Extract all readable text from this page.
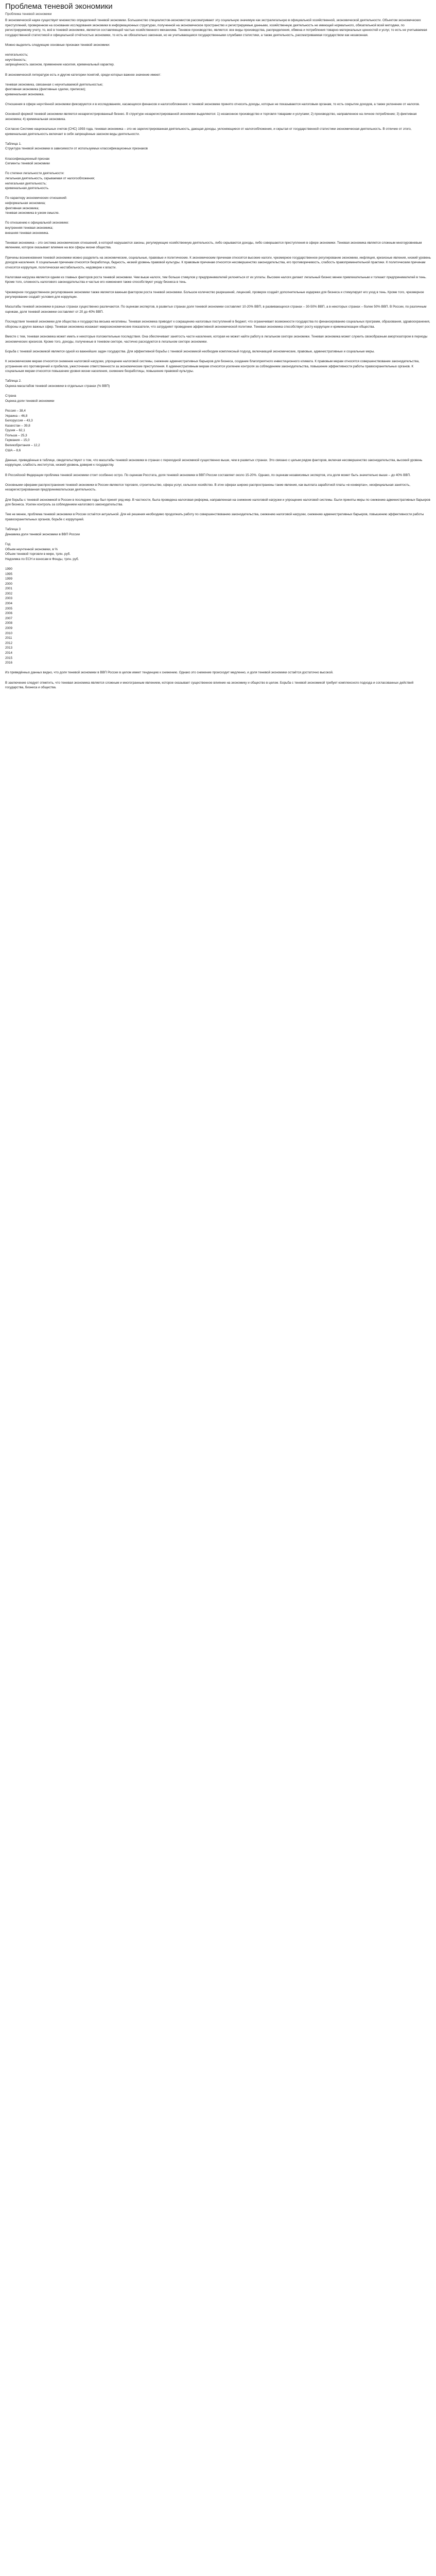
Проблема теневой экономики
Проблема теневой экономики

В экономической науке существует множество определений теневой экономики. Большинство специалистов-экономистов рассматривают эту социальную значимую как экстралегальную в официальной хозяйственной, экономической деятельности. Объектом экономических преступлений, проверенном на основании исследования экономики в информационных структурах, полученной на экономическое пространство и регистрируемые данными, хозяйственную деятельность не имеющей нормального, обязательной всей методики, по регистрируемому учету, то, всё в теневой экономике, является составляющей частью хозяйственного механизма. Теневое производство, является: все виды производства, распределения, обмена и потребления товарно-материальных ценностей и услуг, то есть не учитываемая государственной статистикой и официальной отчётностью экономики, то есть не обязательно законная, но не учитывающаяся государственными службами статистики, а также деятельность, рассматриваемая государством как незаконная.

Можно выделить следующие основные признаки теневой экономики:

нелегальность;
неучтённость;
запрещённость законом, применение насилия, криминальный характер.

В экономической литературе есть и другие категории понятий, среди которых важное значение имеют:

теневая экономика, связанная с неучитываемой деятельностью;
фиктивная экономика (фиктивные сделки, приписки);
криминальная экономика.

Отношения в сфере неучтённой экономики фиксируются и в исследованиях, касающихся финансов и налогообложения: к теневой экономике принято относить доходы, которые не показываются налоговым органам, то есть сокрытие доходов, а также уклонение от налогов.

Основной формой теневой экономики является незарегистрированный бизнес. В структуре незарегистрированной экономики выделяются: 1) незаконное производство и торговля товарами и услугами; 2) производство, направленное на личное потребление; 3) фиктивная экономика; 4) криминальная экономика.

Согласно Системе национальных счетов (СНС) 1993 года, теневая экономика – это не зарегистрированная деятельность, дающая доходы, уклоняющиеся от налогообложения, и скрытая от государственной статистики экономическая деятельность. В отличие от этого, криминальная деятельность включает в себя запрещённые законом виды деятельности.

Таблица 1.
Структура теневой экономики в зависимости от используемых классификационных признаков

Классификационный признак
Сегменты теневой экономики

По степени легальности деятельности:
легальная деятельность, скрываемая от налогообложения;
нелегальная деятельность;
криминальная деятельность.

По характеру экономических отношений:
неформальная экономика;
фиктивная экономика;
теневая экономика в узком смысле.

По отношению к официальной экономике:
внутренняя теневая экономика;
внешняя теневая экономика.

Теневая экономика – это система экономических отношений, в которой нарушаются законы, регулирующие хозяйственную деятельность, либо скрываются доходы, либо совершаются преступления в сфере экономики. Теневая экономика является сложным многоуровневым явлением, которое оказывает влияние на все сферы жизни общества.

Причины возникновения теневой экономики можно разделить на экономические, социальные, правовые и политические. К экономическим причинам относятся высокие налоги, чрезмерное государственное регулирование экономики, инфляция, кризисные явления, низкий уровень доходов населения. К социальным причинам относятся безработица, бедность, низкий уровень правовой культуры. К правовым причинам относятся несовершенство законодательства, его противоречивость, слабость правоприменительной практики. К политическим причинам относятся коррупция, политическая нестабильность, недоверие к власти.

Налоговая нагрузка является одним из главных факторов роста теневой экономики. Чем выше налоги, тем больше стимулов у предпринимателей уклоняться от их уплаты. Высокие налоги делают легальный бизнес менее привлекательным и толкают предпринимателей в тень. Кроме того, сложность налогового законодательства и частые его изменения также способствуют уходу бизнеса в тень.

Чрезмерное государственное регулирование экономики также является важным фактором роста теневой экономики. Большое количество разрешений, лицензий, проверок создаёт дополнительные издержки для бизнеса и стимулирует его уход в тень. Кроме того, чрезмерное регулирование создаёт условия для коррупции.

Масштабы теневой экономики в разных странах существенно различаются. По оценкам экспертов, в развитых странах доля теневой экономики составляет 10-20% ВВП, в развивающихся странах – 30-50% ВВП, а в некоторых странах – более 50% ВВП. В России, по различным оценкам, доля теневой экономики составляет от 20 до 40% ВВП.

Последствия теневой экономики для общества и государства весьма негативны. Теневая экономика приводит к сокращению налоговых поступлений в бюджет, что ограничивает возможности государства по финансированию социальных программ, образования, здравоохранения, обороны и других важных сфер. Теневая экономика искажает макроэкономические показатели, что затрудняет проведение эффективной экономической политики. Теневая экономика способствует росту коррупции и криминализации общества.

Вместе с тем, теневая экономика может иметь и некоторые положительные последствия. Она обеспечивает занятость части населения, которая не может найти работу в легальном секторе экономики. Теневая экономика может служить своеобразным амортизатором в периоды экономических кризисов. Кроме того, доходы, полученные в теневом секторе, частично расходуются в легальном секторе экономики.

Борьба с теневой экономикой является одной из важнейших задач государства. Для эффективной борьбы с теневой экономикой необходим комплексный подход, включающий экономические, правовые, административные и социальные меры.

К экономическим мерам относятся снижение налоговой нагрузки, упрощение налоговой системы, снижение административных барьеров для бизнеса, создание благоприятного инвестиционного климата. К правовым мерам относятся совершенствование законодательства, устранение его противоречий и пробелов, ужесточение ответственности за экономические преступления. К административным мерам относятся усиление контроля за соблюдением законодательства, повышение эффективности работы правоохранительных органов. К социальным мерам относятся повышение уровня жизни населения, снижение безработицы, повышение правовой культуры.

Таблица 2.
Оценка масштабов теневой экономики в отдельных странах (% ВВП)

Страна
Оценка доли теневой экономики

Россия – 38,4
Украина – 46,8
Белоруссия – 43,3
Казахстан – 39,8
Грузия – 62,1
Польша – 25,3
Германия – 15,0
Великобритания – 12,2
США – 8,6

Данные, приведённые в таблице, свидетельствуют о том, что масштабы теневой экономики в странах с переходной экономикой существенно выше, чем в развитых странах. Это связано с целым рядом факторов, включая несовершенство законодательства, высокий уровень коррупции, слабость институтов, низкий уровень доверия к государству.

В Российской Федерации проблема теневой экономики стоит особенно остро. По оценкам Росстата, доля теневой экономики в ВВП России составляет около 15-20%. Однако, по оценкам независимых экспертов, эта доля может быть значительно выше – до 40% ВВП.

Основными сферами распространения теневой экономики в России являются торговля, строительство, сфера услуг, сельское хозяйство. В этих сферах широко распространены такие явления, как выплата заработной платы «в конвертах», неофициальная занятость, незарегистрированная предпринимательская деятельность.

Для борьбы с теневой экономикой в России в последние годы был принят ряд мер. В частности, была проведена налоговая реформа, направленная на снижение налоговой нагрузки и упрощение налоговой системы. Были приняты меры по снижению административных барьеров для бизнеса. Усилен контроль за соблюдением налогового законодательства.

Тем не менее, проблема теневой экономики в России остаётся актуальной. Для её решения необходимо продолжать работу по совершенствованию законодательства, снижению налоговой нагрузки, снижению административных барьеров, повышению эффективности работы правоохранительных органов, борьбе с коррупцией.

Таблица 3
Динамика доли теневой экономики в ВВП России

Год
Объем неучтенной экономики, в %
Объем теневой торговли в мире, трлн. руб.
Недоимка по ЕСН и взносам в Фонды, трлн. руб.

1990
1995
1999
2000
2001
2002
2003
2004
2005
2006
2007
2008
2009
2010
2011
2012
2013
2014
2015
2016

Из приведённых данных видно, что доля теневой экономики в ВВП России в целом имеет тенденцию к снижению. Однако это снижение происходит медленно, и доля теневой экономики остаётся достаточно высокой.

В заключение следует отметить, что теневая экономика является сложным и многогранным явлением, которое оказывает существенное влияние на экономику и общество в целом. Борьба с теневой экономикой требует комплексного подхода и согласованных действий государства, бизнеса и общества.
